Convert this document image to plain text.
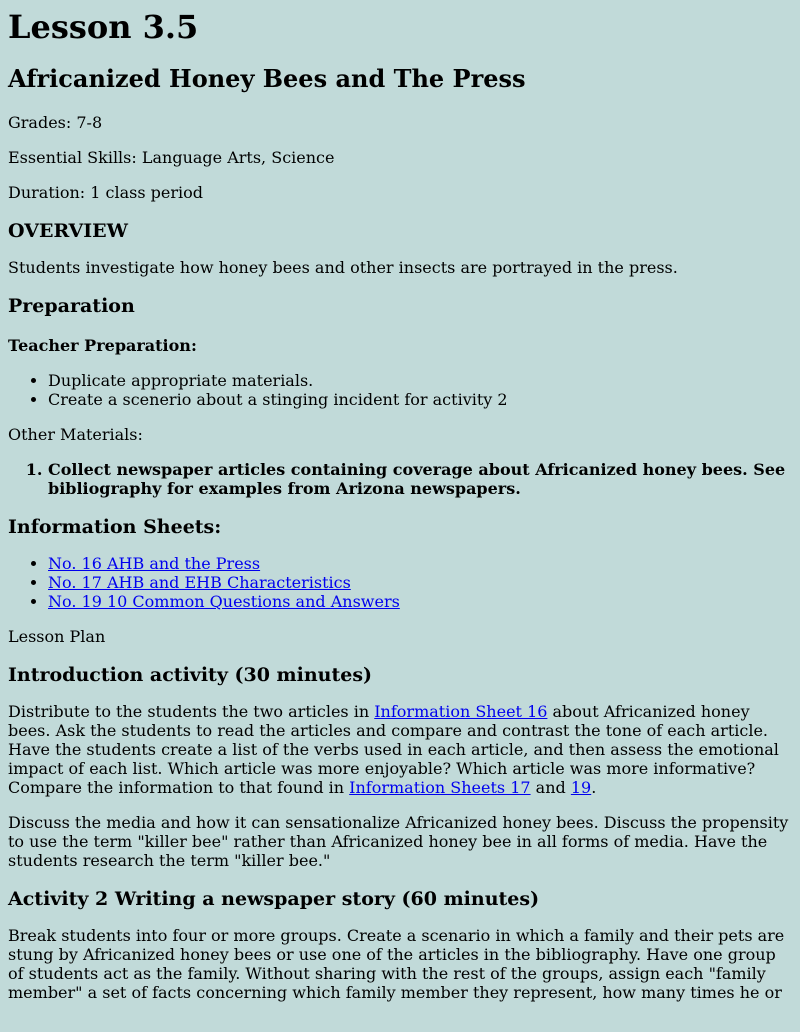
Lesson 3.5
Africanized Honey Bees and The Press

Grades: 7-8

Essential Skills: Language Arts, Science

Duration: 1 class period

OVERVIEW

Students investigate how honey bees and other insects are portrayed in the press.

Preparation
Teacher Preparation:
• Duplicate appropriate materials.
• Create a scenerio about a stinging incident for activity 2

Other Materials:

1. Collect newspaper articles containing coverage about Africanized honey bees. See bibliography for examples from Arizona newspapers.
Information Sheets:
• No. 16 AHB and the Press
• No. 17 AHB and EHB Characteristics
• No. 19 10 Common Questions and Answers

Lesson Plan

Introduction activity (30 minutes)

Distribute to the students the two articles in Information Sheet 16 about Africanized honey bees. Ask the students to read the articles and compare and contrast the tone of each article. Have the students create a list of the verbs used in each article, and then assess the emotional impact of each list. Which article was more enjoyable? Which article was more informative? Compare the information to that found in Information Sheets 17 and 19.

Discuss the media and how it can sensationalize Africanized honey bees. Discuss the propensity to use the term "killer bee" rather than Africanized honey bee in all forms of media. Have the students research the term "killer bee."

Activity 2 Writing a newspaper story (60 minutes)

Break students into four or more groups. Create a scenario in which a family and their pets are stung by Africanized honey bees or use one of the articles in the bibliography. Have one group of students act as the family. Without sharing with the rest of the groups, assign each "family member" a set of facts concerning which family member they represent, how many times he or
